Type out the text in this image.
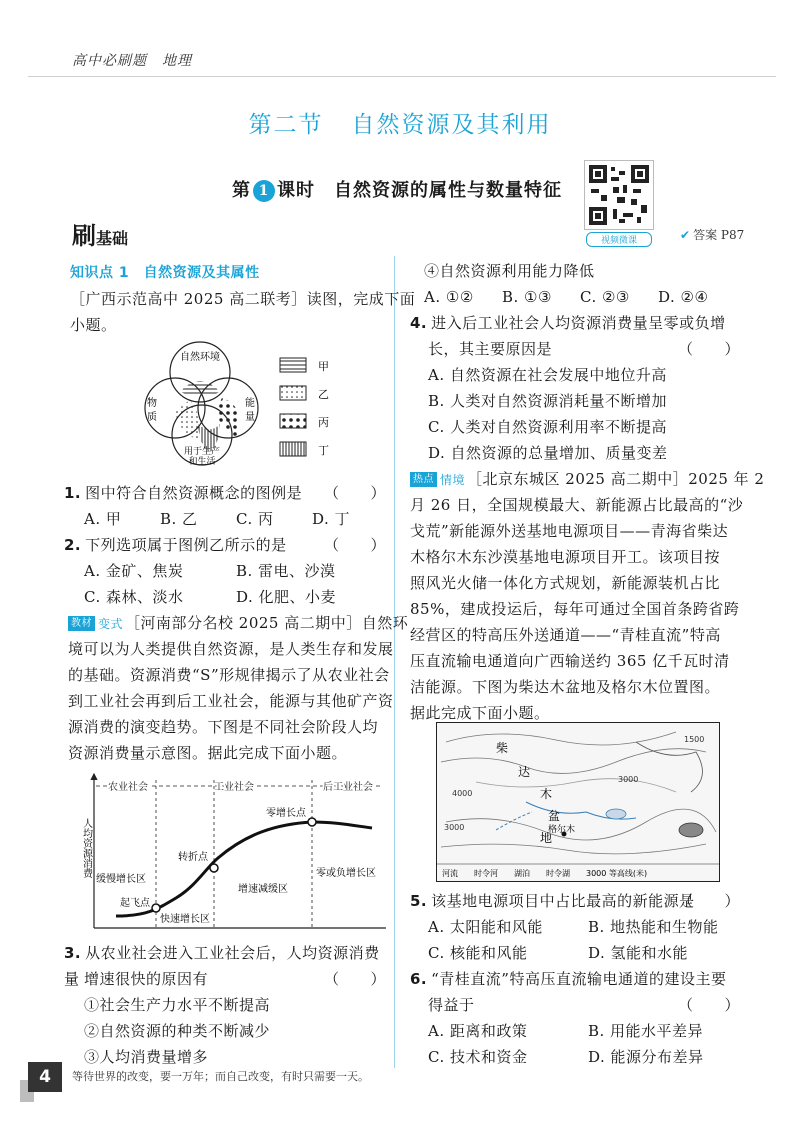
高中必刷题　地理
第二节 自然资源及其利用
第 1 课时　自然资源的属性与数量特征
视频微课	✔ 答案 P87
刷基础
知识点 1　自然资源及其属性
［广西示范高中 2025 高二联考］读图，完成下面
小题。
自然环境
物
质
能
量
用于生产
和生活
甲
乙
丙
丁
1. 图中符合自然资源概念的图例是 （　　）
A. 甲	B. 乙	C. 丙	D. 丁
2. 下列选项属于图例乙所示的是 （　　）
A. 金矿、焦炭	B. 雷电、沙漠
C. 森林、淡水	D. 化肥、小麦
教材 变式 ［河南部分名校 2025 高二期中］自然环
境可以为人类提供自然资源，是人类生存和发展
的基础。资源消费“S”形规律揭示了从农业社会
到工业社会再到后工业社会，能源与其他矿产资
源消费的演变趋势。下图是不同社会阶段人均
资源消费量示意图。据此完成下面小题。
农业社会	工业社会	后工业社会
人均资源消费
缓慢增长区
起飞点
快速增长区
转折点
增速减缓区
零增长点
零或负增长区
3. 从农业社会进入工业社会后，人均资源消费量 增速很快的原因有	（　　）
①社会生产力水平不断提高
②自然资源的种类不断减少
③人均消费量增多
④自然资源利用能力降低
A. ①②	B. ①③	C. ②③	D. ②④
4. 进入后工业社会人均资源消费量呈零或负增
长，其主要原因是	（　　）
A. 自然资源在社会发展中地位升高
B. 人类对自然资源消耗量不断增加
C. 人类对自然资源利用率不断提高
D. 自然资源的总量增加、质量变差
热点 情境 ［北京东城区 2025 高二期中］2025 年 2
月 26 日，全国规模最大、新能源占比最高的“沙
戈荒”新能源外送基地电源项目——青海省柴达
木格尔木东沙漠基地电源项目开工。该项目按
照风光火储一体化方式规划，新能源装机占比
85%，建成投运后，每年可通过全国首条跨省跨
经营区的特高压外送通道——“青桂直流”特高
压直流输电通道向广西输送约 365 亿千瓦时清
洁能源。下图为柴达木盆地及格尔木位置图。
据此完成下面小题。
柴
达
木
盆
地
格尔木
4000
3000
3000
1500
河流　　时令河　　湖泊　　时令湖　　3000 等高线(米)
5. 该基地电源项目中占比最高的新能源是
（　　）
A. 太阳能和风能	B. 地热能和生物能
C. 核能和风能	D. 氢能和水能
6. “青桂直流”特高压直流输电通道的建设主要
得益于	（　　）
A. 距离和政策	B. 用能水平差异
C. 技术和资金	D. 能源分布差异
4	等待世界的改变，要一万年；而自己改变，有时只需要一天。
